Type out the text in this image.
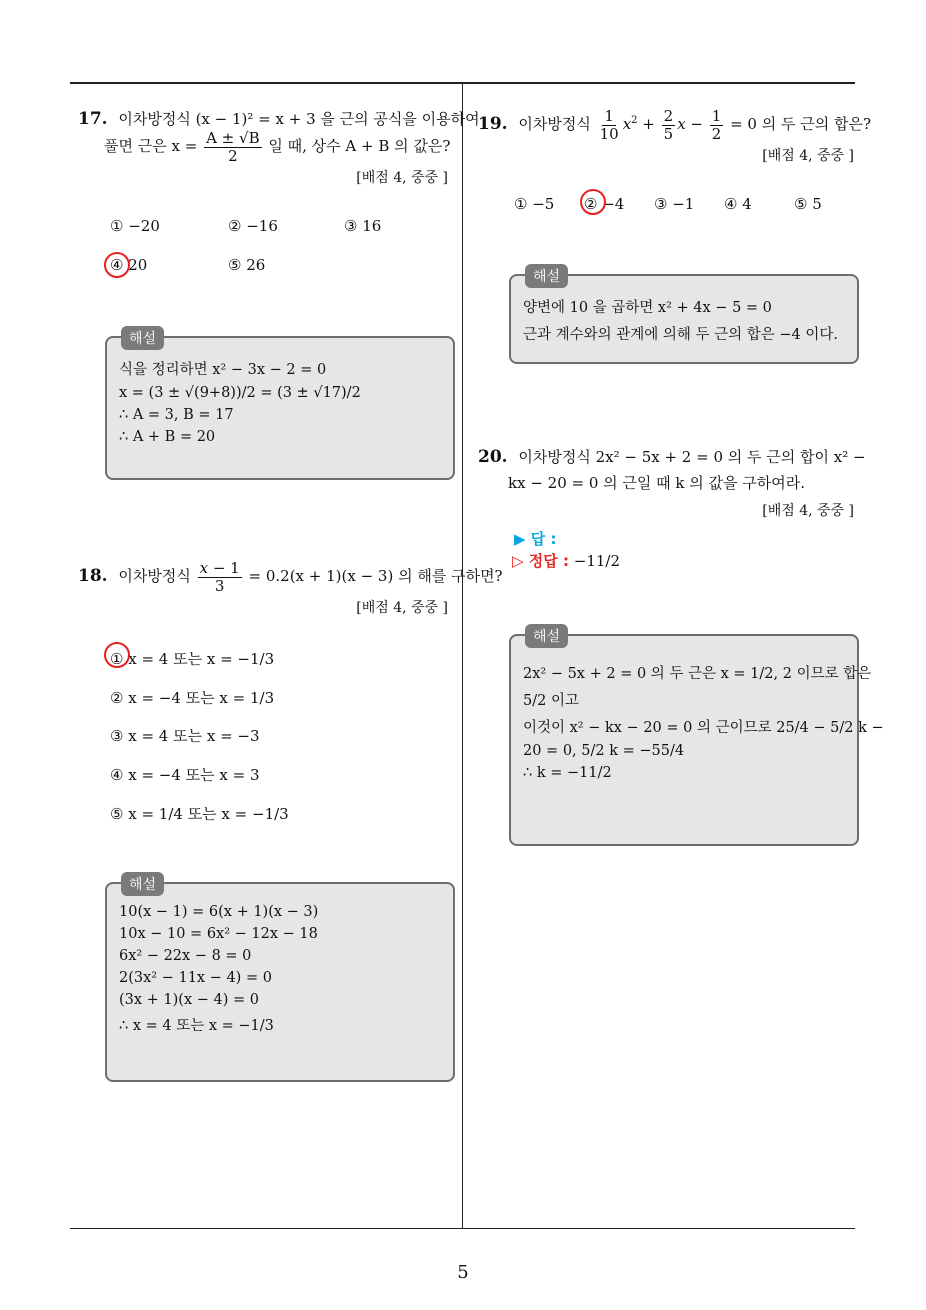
5
17. 이차방정식 (x − 1)² = x + 3 을 근의 공식을 이용하여
풀면 근은 $x = \frac{A \pm √B}{2}$ 일 때, 상수 A + B 의 값은?
[배점 4, 중중 ]
① −20	② −16	③ 16
④ 20	⑤ 26
해설
식을 정리하면 x² − 3x − 2 = 0
x = (3 ± √(9+8))/2 = (3 ± √17)/2
∴ A = 3, B = 17
∴ A + B = 20
18. 이차방정식 $\frac{x - 1}{3} = 0.2(x + 1)(x - 3)$ 의 해를 구하면?
[배점 4, 중중 ]
① x = 4 또는 x = −1/3
② x = −4 또는 x = 1/3
③ x = 4 또는 x = −3
④ x = −4 또는 x = 3
⑤ x = 1/4 또는 x = −1/3
해설
10(x − 1) = 6(x + 1)(x − 3)
10x − 10 = 6x² − 12x − 18
6x² − 22x − 8 = 0
2(3x² − 11x − 4) = 0
(3x + 1)(x − 4) = 0
∴ x = 4 또는 x = −1/3
19. 이차방정식 $\frac{1}{10} x^2 + \frac{2}{5}$ $x - \frac{1}{2} = 0$ 의 두 근의 합은?
[배점 4, 중중 ]
① −5 ② −4 ③ −1 ④ 4	⑤ 5
해설
양변에 10 을 곱하면 x² + 4x − 5 = 0
근과 계수와의 관계에 의해 두 근의 합은 −4 이다.
20. 이차방정식 2x² − 5x + 2 = 0 의 두 근의 합이 x² −
kx − 20 = 0 의 근일 때 k 의 값을 구하여라.
[배점 4, 중중 ]
▶ 답 :
▷ 정답 : −11/2
해설
2x² − 5x + 2 = 0 의 두 근은 x = 1/2, 2 이므로 합은
5/2 이고
이것이 x² − kx − 20 = 0 의 근이므로 25/4 − 5/2 k −
20 = 0, 5/2 k = −55/4
∴ k = −11/2
